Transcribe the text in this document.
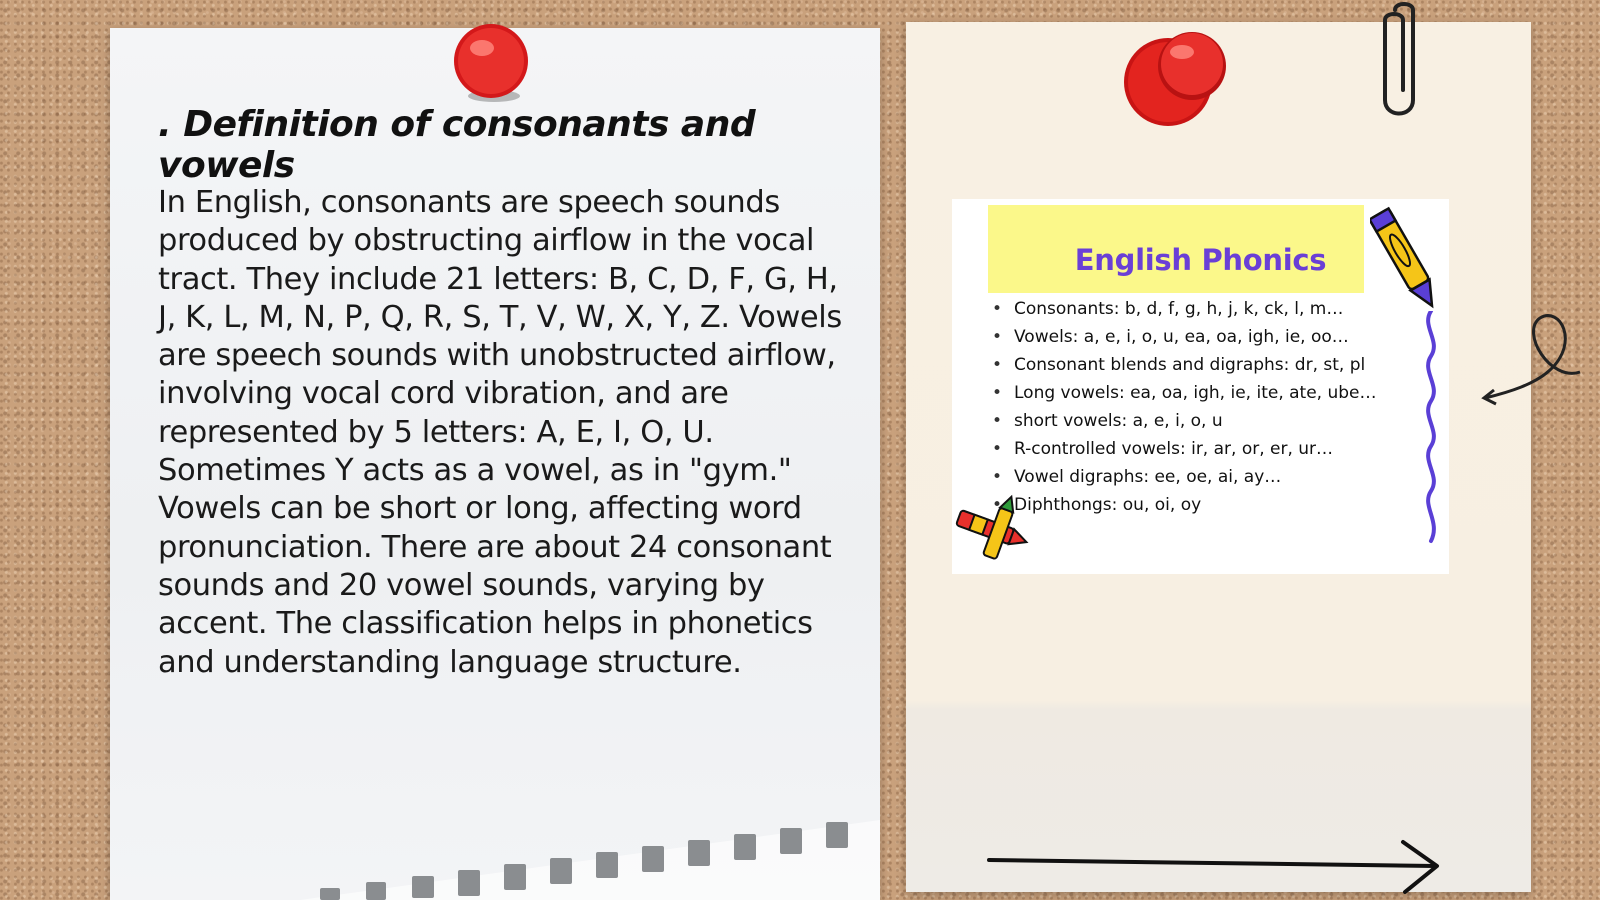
. Definition of consonants and vowels

In English, consonants are speech sounds produced by obstructing airflow in the vocal tract. They include 21 letters: B, C, D, F, G, H, J, K, L, M, N, P, Q, R, S, T, V, W, X, Y, Z. Vowels are speech sounds with unobstructed airflow, involving vocal cord vibration, and are represented by 5 letters: A, E, I, O, U. Sometimes Y acts as a vowel, as in "gym." Vowels can be short or long, affecting word pronunciation. There are about 24 consonant sounds and 20 vowel sounds, varying by accent. The classification helps in phonetics and understanding language structure.

English Phonics
• Consonants: b, d, f, g, h, j, k, ck, l, m…
• Vowels: a, e, i, o, u, ea, oa, igh, ie, oo…
• Consonant blends and digraphs: dr, st, pl
• Long vowels: ea, oa, igh, ie, ite, ate, ube…
• short vowels: a, e, i, o, u
• R-controlled vowels: ir, ar, or, er, ur…
• Vowel digraphs: ee, oe, ai, ay…
• Diphthongs: ou, oi, oy
